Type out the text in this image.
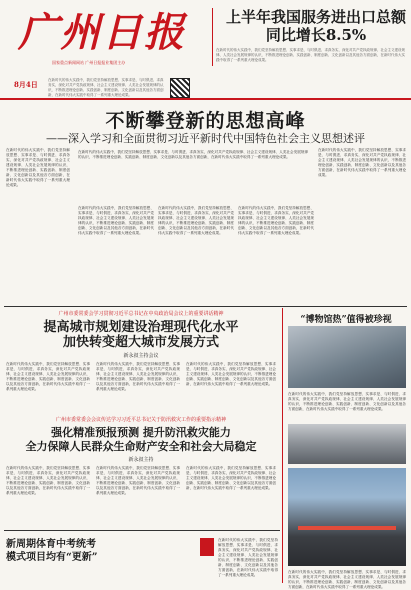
广州日报
国家重点新闻网站 广州日报报业集团主办
上半年我国服务进出口总额
同比增长8.5%
在新时代的伟大实践中，我们党坚持解放思想、实事求是、与时俱进、求真务实，深化对共产党执政规律、社会主义建设规律、人类社会发展规律的认识，不断推进理论创新、实践创新、制度创新、文化创新以及其他各方面创新，在新时代伟大实践中取得了一系列重大理论成果。
8月4日	在新时代的伟大实践中，我们党坚持解放思想、实事求是、与时俱进、求真务实，深化对共产党执政规律、社会主义建设规律、人类社会发展规律的认识，不断推进理论创新、实践创新、制度创新、文化创新以及其他各方面创新，在新时代伟大实践中取得了一系列重大理论成果。
不断攀登新的思想高峰
——深入学习和全面贯彻习近平新时代中国特色社会主义思想述评
在新时代的伟大实践中，我们党坚持解放思想、实事求是、与时俱进、求真务实，深化对共产党执政规律、社会主义建设规律、人类社会发展规律的认识，不断推进理论创新、实践创新、制度创新、文化创新以及其他各方面创新，在新时代伟大实践中取得了一系列重大理论成果。
在新时代的伟大实践中，我们党坚持解放思想、实事求是、与时俱进、求真务实，深化对共产党执政规律、社会主义建设规律、人类社会发展规律的认识，不断推进理论创新、实践创新、制度创新、文化创新以及其他各方面创新，在新时代伟大实践中取得了一系列重大理论成果。
在新时代的伟大实践中，我们党坚持解放思想、实事求是、与时俱进、求真务实，深化对共产党执政规律、社会主义建设规律、人类社会发展规律的认识，不断推进理论创新、实践创新、制度创新、文化创新以及其他各方面创新，在新时代伟大实践中取得了一系列重大理论成果。
在新时代的伟大实践中，我们党坚持解放思想、实事求是、与时俱进、求真务实，深化对共产党执政规律、社会主义建设规律、人类社会发展规律的认识，不断推进理论创新、实践创新、制度创新、文化创新以及其他各方面创新，在新时代伟大实践中取得了一系列重大理论成果。
在新时代的伟大实践中，我们党坚持解放思想、实事求是、与时俱进、求真务实，深化对共产党执政规律、社会主义建设规律、人类社会发展规律的认识，不断推进理论创新、实践创新、制度创新、文化创新以及其他各方面创新，在新时代伟大实践中取得了一系列重大理论成果。
在新时代的伟大实践中，我们党坚持解放思想、实事求是、与时俱进、求真务实，深化对共产党执政规律、社会主义建设规律、人类社会发展规律的认识，不断推进理论创新、实践创新、制度创新、文化创新以及其他各方面创新，在新时代伟大实践中取得了一系列重大理论成果。
广州市委常委会学习贯彻习近平总书记在中央政治局会议上的重要讲话精神
提高城市规划建设治理现代化水平
加快转变超大城市发展方式
新永叔主持会议
在新时代的伟大实践中，我们党坚持解放思想、实事求是、与时俱进、求真务实，深化对共产党执政规律、社会主义建设规律、人类社会发展规律的认识，不断推进理论创新、实践创新、制度创新、文化创新以及其他各方面创新，在新时代伟大实践中取得了一系列重大理论成果。
在新时代的伟大实践中，我们党坚持解放思想、实事求是、与时俱进、求真务实，深化对共产党执政规律、社会主义建设规律、人类社会发展规律的认识，不断推进理论创新、实践创新、制度创新、文化创新以及其他各方面创新，在新时代伟大实践中取得了一系列重大理论成果。
在新时代的伟大实践中，我们党坚持解放思想、实事求是、与时俱进、求真务实，深化对共产党执政规律、社会主义建设规律、人类社会发展规律的认识，不断推进理论创新、实践创新、制度创新、文化创新以及其他各方面创新，在新时代伟大实践中取得了一系列重大理论成果。
广州市委常委会会议传达学习习近平总书记关于防汛救灾工作的重要指示精神
强化精准预报预测 提升防汛救灾能力
全力保障人民群众生命财产安全和社会大局稳定
新永叔主持
在新时代的伟大实践中，我们党坚持解放思想、实事求是、与时俱进、求真务实，深化对共产党执政规律、社会主义建设规律、人类社会发展规律的认识，不断推进理论创新、实践创新、制度创新、文化创新以及其他各方面创新，在新时代伟大实践中取得了一系列重大理论成果。
在新时代的伟大实践中，我们党坚持解放思想、实事求是、与时俱进、求真务实，深化对共产党执政规律、社会主义建设规律、人类社会发展规律的认识，不断推进理论创新、实践创新、制度创新、文化创新以及其他各方面创新，在新时代伟大实践中取得了一系列重大理论成果。
在新时代的伟大实践中，我们党坚持解放思想、实事求是、与时俱进、求真务实，深化对共产党执政规律、社会主义建设规律、人类社会发展规律的认识，不断推进理论创新、实践创新、制度创新、文化创新以及其他各方面创新，在新时代伟大实践中取得了一系列重大理论成果。
新周期体育中考统考
模式项目均有“更新”
在新时代的伟大实践中，我们党坚持解放思想、实事求是、与时俱进、求真务实，深化对共产党执政规律、社会主义建设规律、人类社会发展规律的认识，不断推进理论创新、实践创新、制度创新、文化创新以及其他各方面创新，在新时代伟大实践中取得了一系列重大理论成果。
“博物馆热”值得被珍视
在新时代的伟大实践中，我们党坚持解放思想、实事求是、与时俱进、求真务实，深化对共产党执政规律、社会主义建设规律、人类社会发展规律的认识，不断推进理论创新、实践创新、制度创新、文化创新以及其他各方面创新，在新时代伟大实践中取得了一系列重大理论成果。
在新时代的伟大实践中，我们党坚持解放思想、实事求是、与时俱进、求真务实，深化对共产党执政规律、社会主义建设规律、人类社会发展规律的认识，不断推进理论创新、实践创新、制度创新、文化创新以及其他各方面创新，在新时代伟大实践中取得了一系列重大理论成果。
